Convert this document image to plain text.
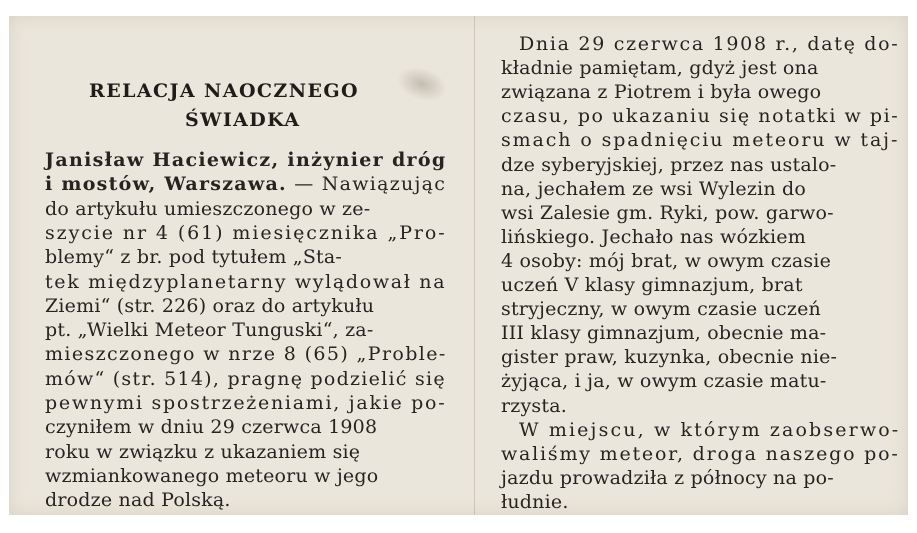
RELACJA NAOCZNEGO
ŚWIADKA
Janisław Haciewicz, inżynier dróg
i mostów, Warszawa. — Nawiązując
do artykułu umieszczonego w ze-
szycie nr 4 (61) miesięcznika „Pro-
blemy“ z br. pod tytułem „Sta-
tek międzyplanetarny wylądował na
Ziemi“ (str. 226) oraz do artykułu
pt. „Wielki Meteor Tunguski“, za-
mieszczonego w nrze 8 (65) „Proble-
mów“ (str. 514), pragnę podzielić się
pewnymi spostrzeżeniami, jakie po-
czyniłem w dniu 29 czerwca 1908
roku w związku z ukazaniem się
wzmiankowanego meteoru w jego
drodze nad Polską.
Dnia 29 czerwca 1908 r., datę do-
kładnie pamiętam, gdyż jest ona
związana z Piotrem i była owego
czasu, po ukazaniu się notatki w pi-
smach o spadnięciu meteoru w taj-
dze syberyjskiej, przez nas ustalo-
na, jechałem ze wsi Wylezin do
wsi Zalesie gm. Ryki, pow. garwo-
lińskiego. Jechało nas wózkiem
4 osoby: mój brat, w owym czasie
uczeń V klasy gimnazjum, brat
stryjeczny, w owym czasie uczeń
III klasy gimnazjum, obecnie ma-
gister praw, kuzynka, obecnie nie-
żyjąca, i ja, w owym czasie matu-
rzysta.
W miejscu, w którym zaobserwo-
waliśmy meteor, droga naszego po-
jazdu prowadziła z północy na po-
łudnie.
